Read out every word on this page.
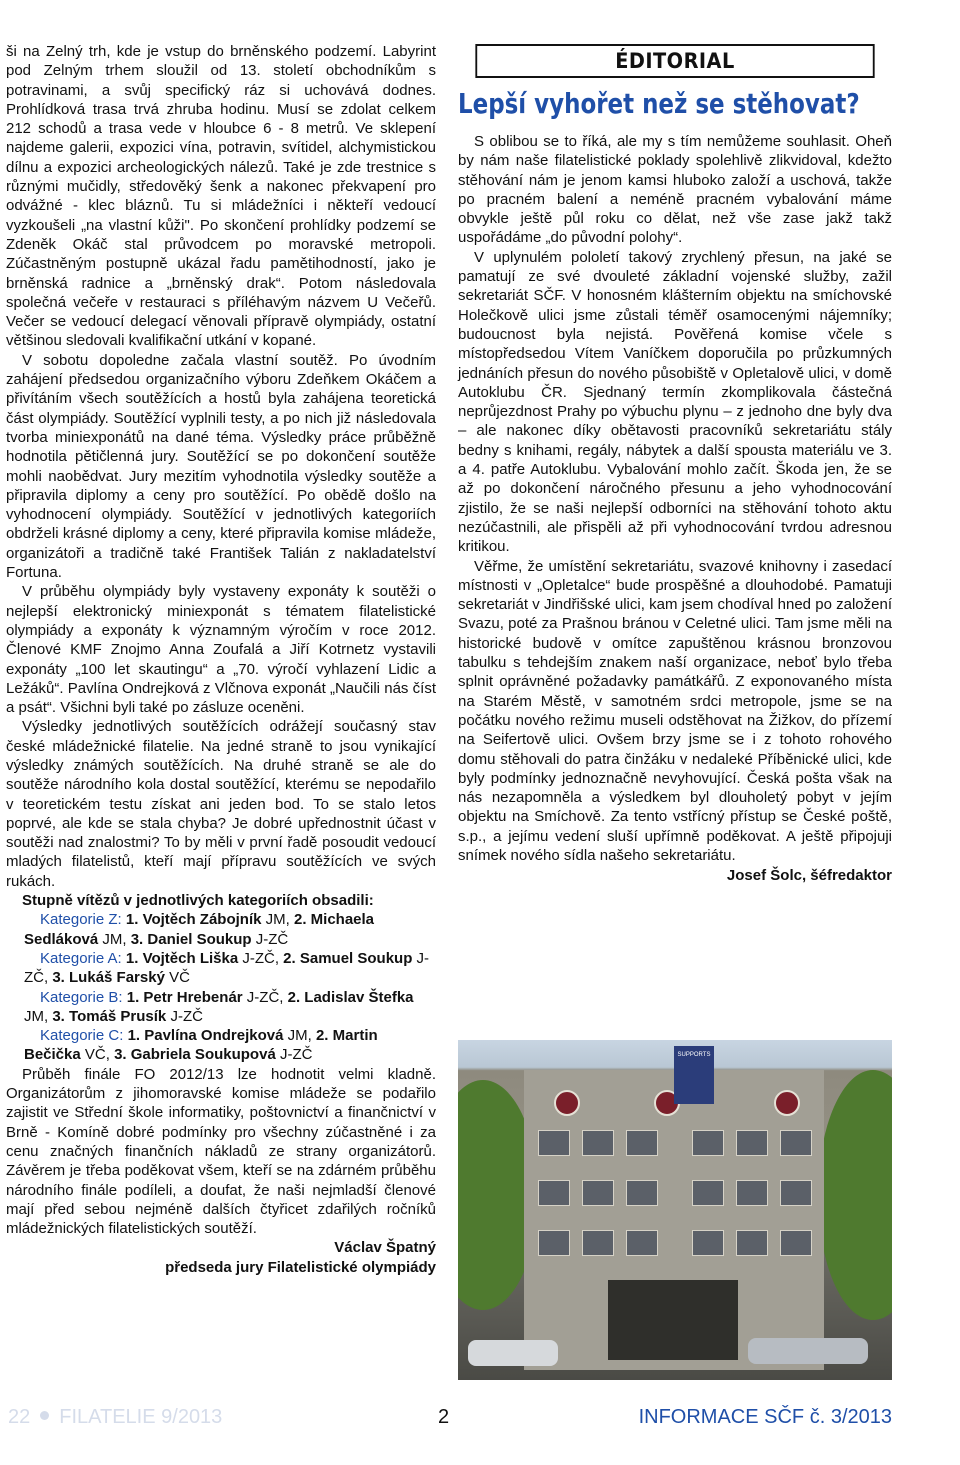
ši na Zelný trh, kde je vstup do brněnského podzemí. Labyrint pod Zelným trhem sloužil od 13. století obchodníkům s potravinami, a svůj specifický ráz si uchovává dodnes. Prohlídková trasa trvá zhruba hodinu. Musí se zdolat celkem 212 schodů a trasa vede v hloubce 6 - 8 metrů. Ve sklepení najdeme galerii, expozici vína, potravin, svítidel, alchymistickou dílnu a expozici archeologických nálezů. Také je zde trestnice s různými mučidly, středověký šenk a nakonec překvapení pro odvážné - klec bláznů. Tu si mládežníci i někteří vedoucí vyzkoušeli „na vlastní kůži". Po skončení prohlídky podzemí se Zdeněk Okáč stal průvodcem po moravské metropoli. Zúčastněným postupně ukázal řadu pamětihodností, jako je brněnská radnice a „brněnský drak“. Potom následovala společná večeře v restauraci s příléhavým názvem U Večeřů. Večer se vedoucí delegací věnovali přípravě olympiády, ostatní většinou sledovali kvalifikační utkání v kopané.

V sobotu dopoledne začala vlastní soutěž. Po úvodním zahájení předsedou organizačního výboru Zdeňkem Okáčem a přivítáním všech soutěžících a hostů byla zahájena teoretická část olympiády. Soutěžící vyplnili testy, a po nich již následovala tvorba miniexponátů na dané téma. Výsledky práce průběžně hodnotila pětičlenná jury. Soutěžící se po dokončení soutěže mohli naobědvat. Jury mezitím vyhodnotila výsledky soutěže a připravila diplomy a ceny pro soutěžící. Po obědě došlo na vyhodnocení olympiády. Soutěžící v jednotlivých kategoriích obdrželi krásné diplomy a ceny, které připravila komise mládeže, organizátoři a tradičně také František Talián z nakladatelství Fortuna.

V průběhu olympiády byly vystaveny exponáty k soutěži o nejlepší elektronický miniexponát s tématem filatelistické olympiády a exponáty k významným výročím v roce 2012. Členové KMF Znojmo Anna Zoufalá a Jiří Kotrnetz vystavili exponáty „100 let skautingu“ a „70. výročí vyhlazení Lidic a Ležáků“. Pavlína Ondrejková z Vlčnova exponát „Naučili nás číst a psát“. Všichni byli také po zásluze oceněni.

Výsledky jednotlivých soutěžících odrážejí současný stav české mládežnické filatelie. Na jedné straně to jsou vynikající výsledky známých soutěžících. Na druhé straně se ale do soutěže národního kola dostal soutěžící, kterému se nepodařilo v teoretickém testu získat ani jeden bod. To se stalo letos poprvé, ale kde se stala chyba? Je dobré upřednostnit účast v soutěži nad znalostmi? To by měli v první řadě posoudit vedoucí mladých filatelistů, kteří mají přípravu soutěžících ve svých rukách.

Stupně vítězů v jednotlivých kategoriích obsadili:

Kategorie Z: 1. Vojtěch Zábojník JM, 2. Michaela Sedláková JM, 3. Daniel Soukup J-ZČ

Kategorie A: 1. Vojtěch Liška J-ZČ, 2. Samuel Soukup J-ZČ, 3. Lukáš Farský VČ

Kategorie B: 1. Petr Hrebenár J-ZČ, 2. Ladislav Štefka JM, 3. Tomáš Prusík J-ZČ

Kategorie C: 1. Pavlína Ondrejková JM, 2. Martin Bečička VČ, 3. Gabriela Soukupová J-ZČ

Průběh finále FO 2012/13 lze hodnotit velmi kladně. Organizátorům z jihomoravské komise mládeže se podařilo zajistit ve Střední škole informatiky, poštovnictví a finančnictví v Brně - Komíně dobré podmínky pro všechny zúčastněné i za cenu značných finančních nákladů ze strany organizátorů. Závěrem je třeba poděkovat všem, kteří se na zdárném průběhu národního finále podíleli, a doufat, že naši nejmladší členové mají před sebou nejméně dalších čtyřicet zdařilých ročníků mládežnických filatelistických soutěží.

Václav Špatný

předseda jury Filatelistické olympiády

ÉDITORIAL
Lepší vyhořet než se stěhovat?

S oblibou se to říká, ale my s tím nemůžeme souhlasit. Oheň by nám naše filatelistické poklady spolehlivě zlikvidoval, kdežto stěhování nám je jenom kamsi hluboko založí a uschová, takže po pracném balení a neméně pracném vybalování máme obvykle ještě půl roku co dělat, než vše zase jakž takž uspořádáme „do původní polohy“.

V uplynulém pololetí takový zrychlený přesun, na jaké se pamatují ze své dvouleté základní vojenské služby, zažil sekretariát SČF. V honosném klášterním objektu na smíchovské Holečkově ulici jsme zůstali téměř osamocenými nájemníky; budoucnost byla nejistá. Pověřená komise včele s místopředsedou Vítem Vaníčkem doporučila po průzkumných jednáních přesun do nového působiště v Opletalově ulici, v domě Autoklubu ČR. Sjednaný termín zkomplikovala částečná neprůjezdnost Prahy po výbuchu plynu – z jednoho dne byly dva – ale nakonec díky obětavosti pracovníků sekretariátu stály bedny s knihami, regály, nábytek a další spousta materiálu ve 3. a 4. patře Autoklubu. Vybalování mohlo začít. Škoda jen, že se až po dokončení náročného přesunu a jeho vyhodnocování zjistilo, že se naši nejlepší odborníci na stěhování tohoto aktu nezúčastnili, ale přispěli až při vyhodnocování tvrdou adresnou kritikou.

Věřme, že umístění sekretariátu, svazové knihovny i zasedací místnosti v „Opletalce“ bude prospěšné a dlouhodobé. Pamatuji sekretariát v Jindřišské ulici, kam jsem chodíval hned po založení Svazu, poté za Prašnou bránou v Celetné ulici. Tam jsme měli na historické budově v omítce zapuštěnou krásnou bronzovou tabulku s tehdejším znakem naší organizace, neboť bylo třeba splnit oprávněné požadavky památkářů. Z exponovaného místa na Starém Městě, v samotném srdci metropole, jsme se na počátku nového režimu museli odstěhovat na Žižkov, do přízemí na Seifertově ulici. Ovšem brzy jsme se i z tohoto rohového domu stěhovali do patra činžáku v nedaleké Příběnické ulici, kde byly podmínky jednoznačně nevyhovující. Česká pošta však na nás nezapomněla a výsledkem byl dlouholetý pobyt v jejím objektu na Smíchově. Za tento vstřícný přístup se České poště, s.p., a jejímu vedení sluší upřímně poděkovat. A ještě připojuji snímek nového sídla našeho sekretariátu.

Josef Šolc, šéfredaktor

SUPPORTS
22 FILATELIE 9/2013	2	INFORMACE SČF č. 3/2013
